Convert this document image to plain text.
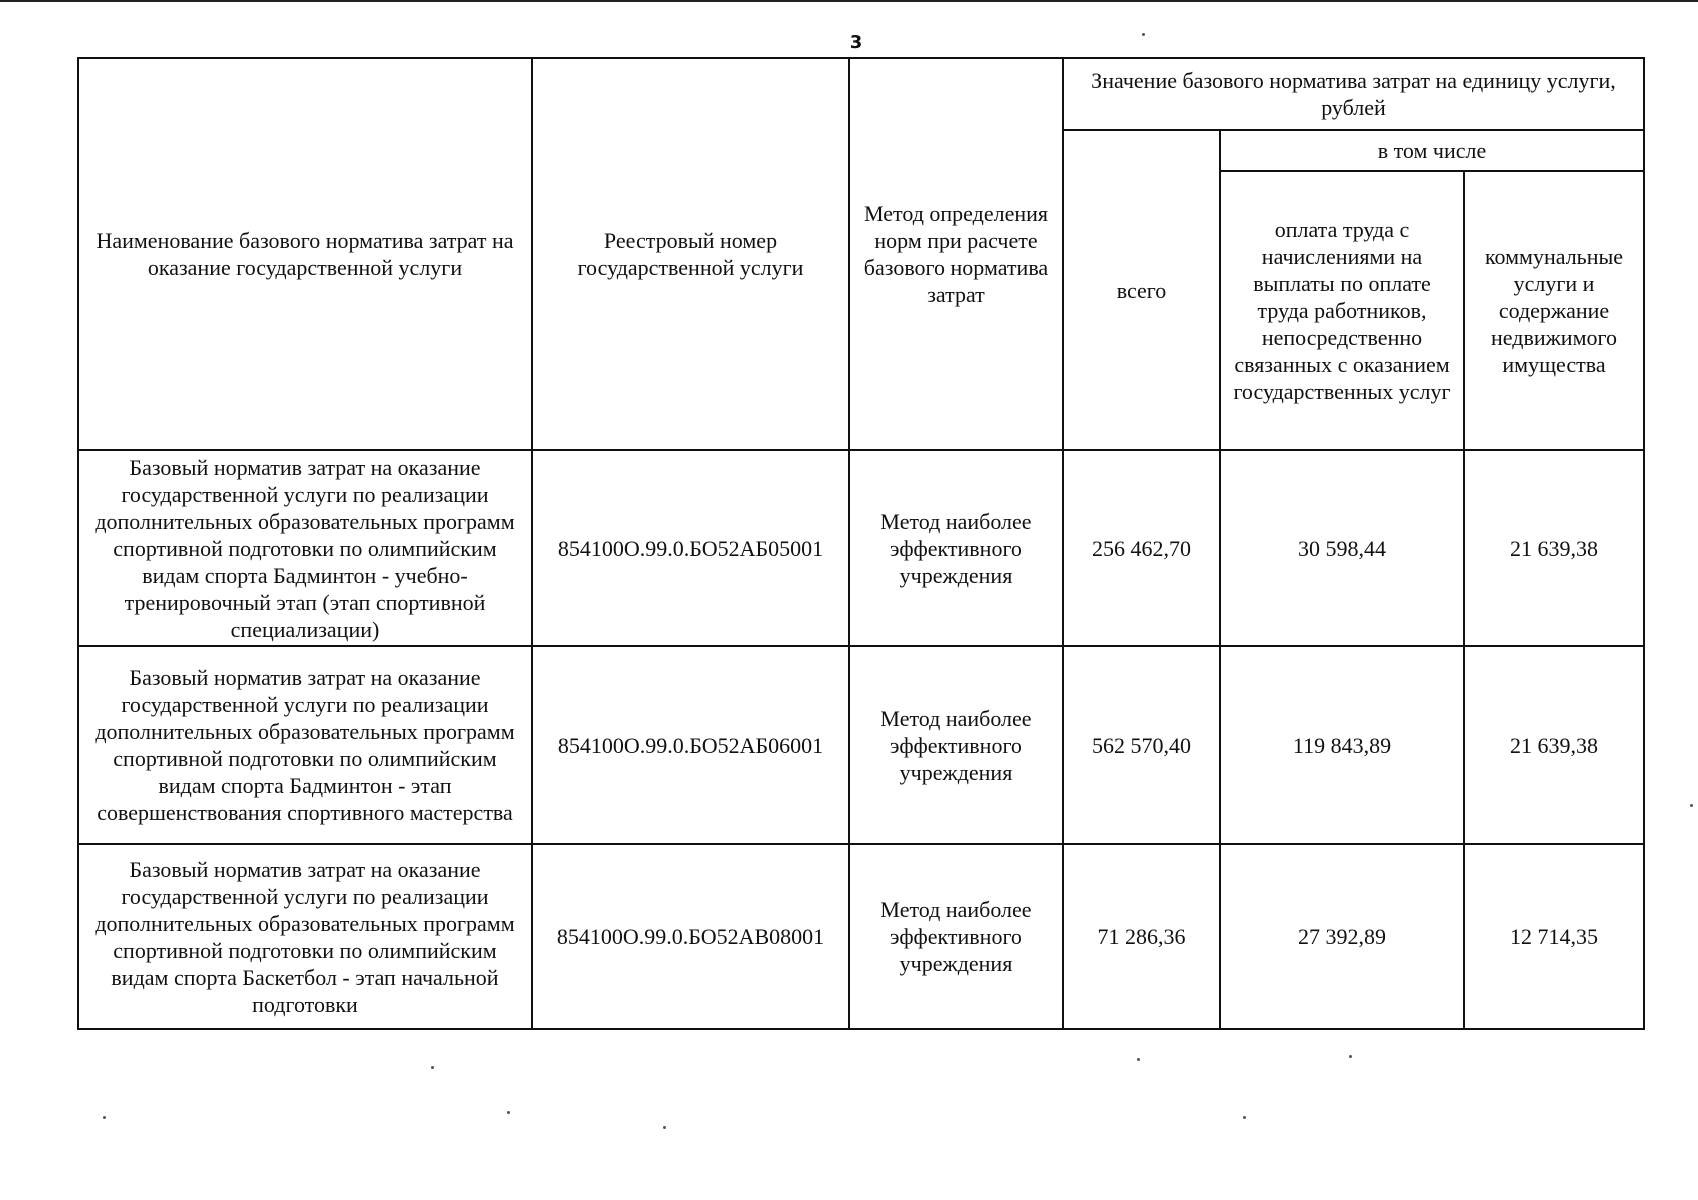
3
Наименование базового норматива затрат на оказание государственной услуги	Реестровый номер государственной услуги	Метод определения норм при расчете базового норматива затрат	Значение базового норматива затрат на единицу услуги, рублей		
			всего	в том числе	
				оплата труда с начислениями на выплаты по оплате труда работников, непосредственно связанных с оказанием государственных услуг	коммунальные услуги и содержание недвижимого имущества
Базовый норматив затрат на оказание государственной услуги по реализации дополнительных образовательных программ спортивной подготовки по олимпийским видам спорта Бадминтон - учебно-тренировочный этап (этап спортивной специализации)	854100О.99.0.БО52АБ05001	Метод наиболее эффективного учреждения	256 462,70	30 598,44	21 639,38
Базовый норматив затрат на оказание государственной услуги по реализации дополнительных образовательных программ спортивной подготовки по олимпийским видам спорта Бадминтон - этап совершенствования спортивного мастерства	854100О.99.0.БО52АБ06001	Метод наиболее эффективного учреждения	562 570,40	119 843,89	21 639,38
Базовый норматив затрат на оказание государственной услуги по реализации дополнительных образовательных программ спортивной подготовки по олимпийским видам спорта Баскетбол - этап начальной подготовки	854100О.99.0.БО52АВ08001	Метод наиболее эффективного учреждения	71 286,36	27 392,89	12 714,35
